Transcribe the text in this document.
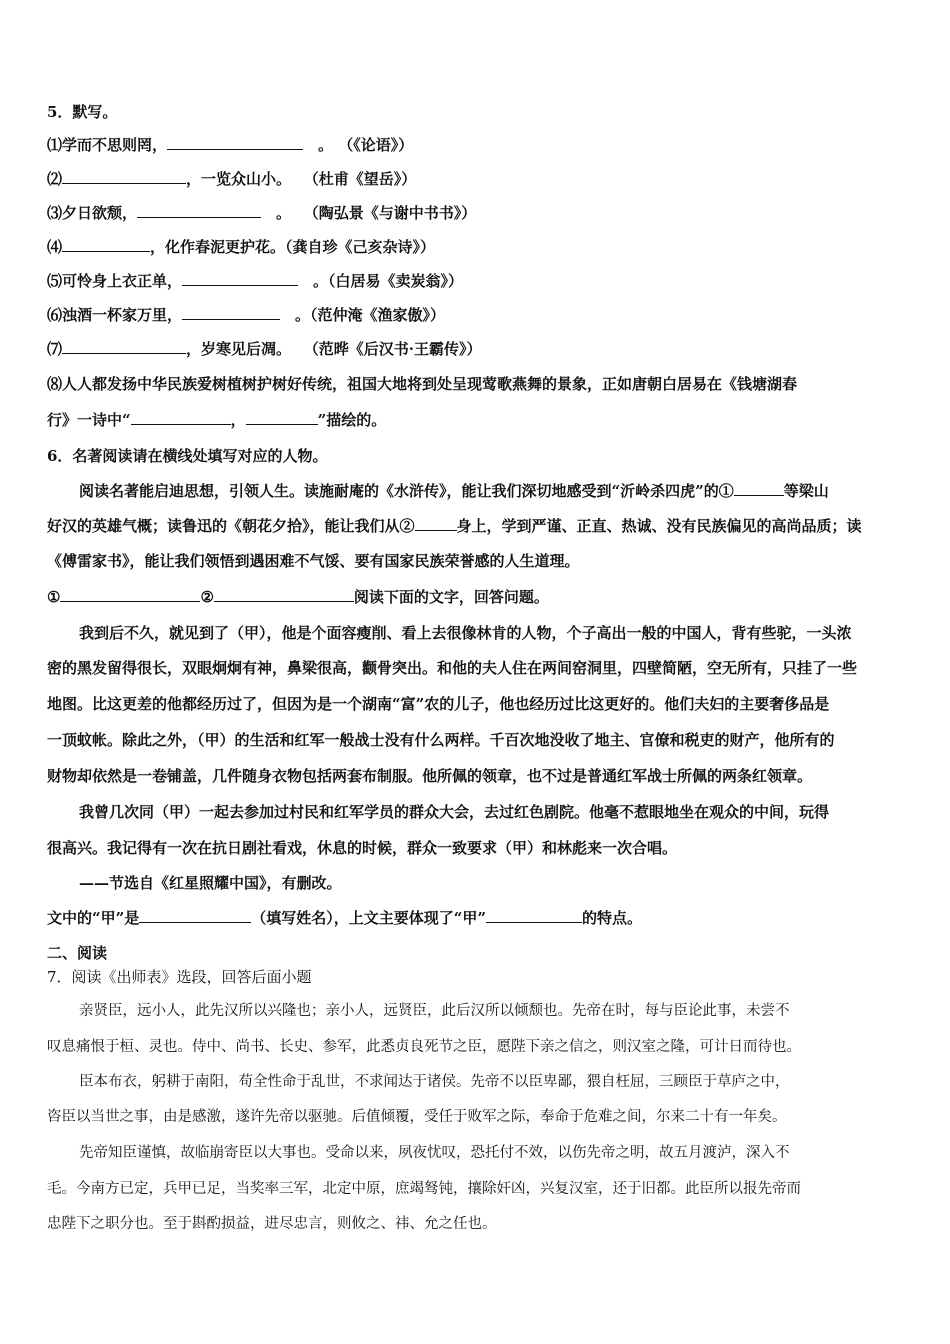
5．默写。
⑴学而不思则罔，　	。 （《论语》）
⑵	，一览众山小。　 （杜甫《望岳》）
⑶夕日欲颓，　	。　 （陶弘景《与谢中书书》）
⑷	，化作春泥更护花。（龚自珍《己亥杂诗》）
⑸可怜身上衣正单，　	。（白居易《卖炭翁》）
⑹浊酒一杯家万里，　	。（范仲淹《渔家傲》）
⑺	，岁寒见后凋。　 （范晔《后汉书·王霸传》）
⑻人人都发扬中华民族爱树植树护树好传统，祖国大地将到处呈现莺歌燕舞的景象，正如唐朝白居易在《钱塘湖春
行》一诗中“	，	”描绘的。
6．名著阅读请在横线处填写对应的人物。
阅读名著能启迪思想，引领人生。读施耐庵的《水浒传》，能让我们深切地感受到“沂岭杀四虎”的①	等梁山
好汉的英雄气概；读鲁迅的《朝花夕拾》，能让我们从②	身上，学到严谨、正直、热诚、没有民族偏见的高尚品质；读
《傅雷家书》，能让我们领悟到遇困难不气馁、要有国家民族荣誉感的人生道理。
①	②	阅读下面的文字，回答问题。
我到后不久，就见到了（甲），他是个面容瘦削、看上去很像林肯的人物，个子高出一般的中国人，背有些驼，一头浓
密的黑发留得很长，双眼炯炯有神，鼻梁很高，颧骨突出。和他的夫人住在两间窑洞里，四壁简陋，空无所有，只挂了一些
地图。比这更差的他都经历过了，但因为是一个湖南“富”农的儿子，他也经历过比这更好的。他们夫妇的主要奢侈品是
一顶蚊帐。除此之外，（甲）的生活和红军一般战士没有什么两样。千百次地没收了地主、官僚和税吏的财产，他所有的
财物却依然是一卷铺盖，几件随身衣物包括两套布制服。他所佩的领章，也不过是普通红军战士所佩的两条红领章。
我曾几次同（甲）一起去参加过村民和红军学员的群众大会，去过红色剧院。他毫不惹眼地坐在观众的中间，玩得
很高兴。我记得有一次在抗日剧社看戏，休息的时候，群众一致要求（甲）和林彪来一次合唱。
——节选自《红星照耀中国》，有删改。
文中的“甲”是	（填写姓名），上文主要体现了“甲”	的特点。
二、阅读
7．阅读《出师表》选段，回答后面小题
亲贤臣，远小人，此先汉所以兴隆也；亲小人，远贤臣，此后汉所以倾颓也。先帝在时，每与臣论此事，未尝不
叹息痛恨于桓、灵也。侍中、尚书、长史、参军，此悉贞良死节之臣，愿陛下亲之信之，则汉室之隆，可计日而待也。
臣本布衣，躬耕于南阳，苟全性命于乱世，不求闻达于诸侯。先帝不以臣卑鄙，猥自枉屈，三顾臣于草庐之中，
咨臣以当世之事，由是感激，遂许先帝以驱驰。后值倾覆，受任于败军之际，奉命于危难之间，尔来二十有一年矣。
先帝知臣谨慎，故临崩寄臣以大事也。受命以来，夙夜忧叹，恐托付不效，以伤先帝之明，故五月渡泸，深入不
毛。今南方已定，兵甲已足，当奖率三军，北定中原，庶竭驽钝，攘除奸凶，兴复汉室，还于旧都。此臣所以报先帝而
忠陛下之职分也。至于斟酌损益，进尽忠言，则攸之、祎、允之任也。
